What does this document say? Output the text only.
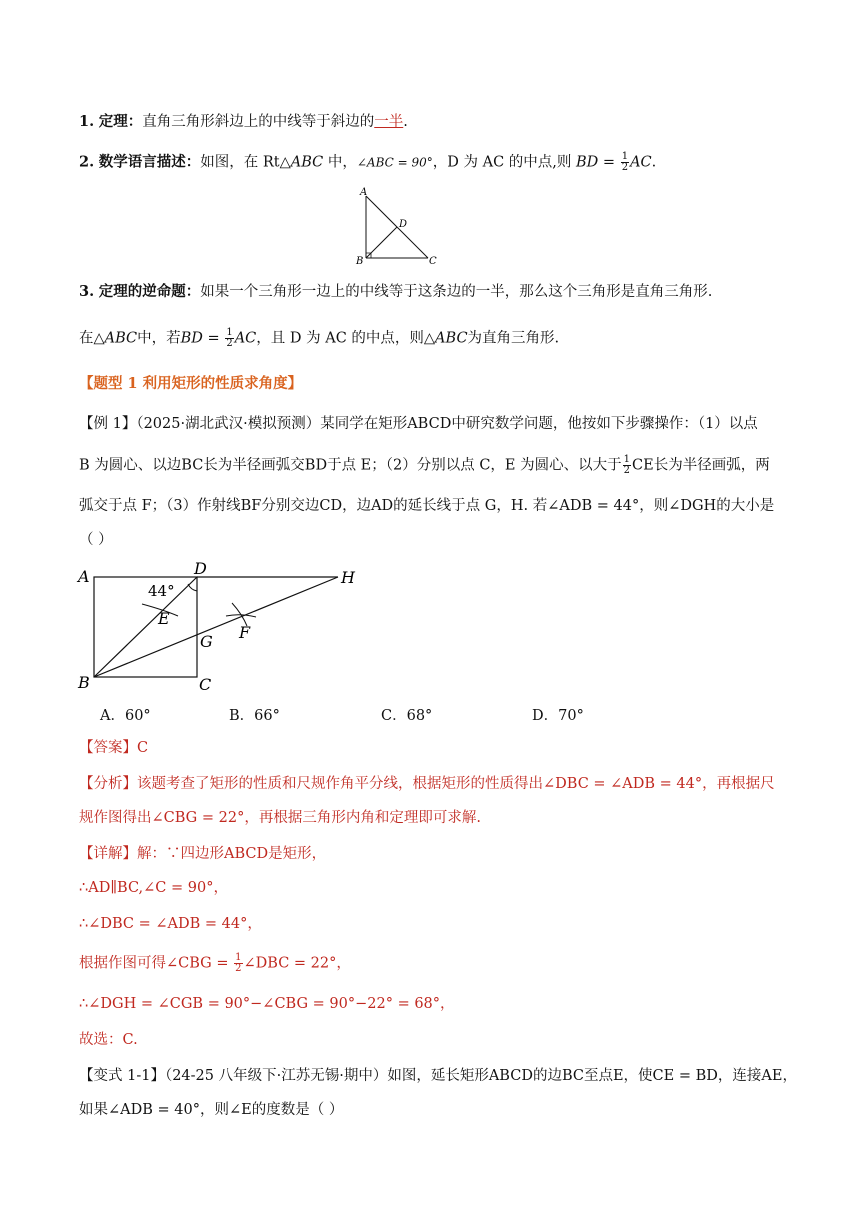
1. 定理：直角三角形斜边上的中线等于斜边的一半.
2. 数学语言描述：如图，在 Rt△ABC 中，∠ABC = 90°，D 为 AC 的中点,则 BD = $\frac{1}{2}$ AC.
A
B	C
D
3. 定理的逆命题：如果一个三角形一边上的中线等于这条边的一半，那么这个三角形是直角三角形.
在△ABC中，若BD = $\frac{1}{2}$ AC，且 D 为 AC 的中点，则△ABC为直角三角形.
【题型 1 利用矩形的性质求角度】
【例 1】（2025·湖北武汉·模拟预测）某同学在矩形ABCD中研究数学问题，他按如下步骤操作：（1）以点
B 为圆心、以边BC长为半径画弧交BD于点 E；（2）分别以点 C，E 为圆心、以大于 $\frac{1}{2}$ CE长为半径画弧，两
弧交于点 F；（3）作射线BF分别交边CD，边AD的延长线于点 G，H. 若∠ADB = 44°，则∠DGH的大小是
（ ）
A	D	H
B	C
E
G F
44°
A．60°	B．66°	C．68°	D．70°
【答案】C
【分析】该题考查了矩形的性质和尺规作角平分线，根据矩形的性质得出∠DBC = ∠ADB = 44°，再根据尺
规作图得出∠CBG = 22°，再根据三角形内角和定理即可求解.
【详解】解：∵四边形ABCD是矩形，
∴AD∥BC,∠C = 90°，
∴∠DBC = ∠ADB = 44°，
根据作图可得∠CBG = $\frac{1}{2}$ ∠DBC = 22°，
∴∠DGH = ∠CGB = 90°−∠CBG = 90°−22° = 68°，
故选：C.
【变式 1-1】（24-25 八年级下·江苏无锡·期中）如图，延长矩形ABCD的边BC至点E，使CE = BD，连接AE，
如果∠ADB = 40°，则∠E的度数是（ ）
